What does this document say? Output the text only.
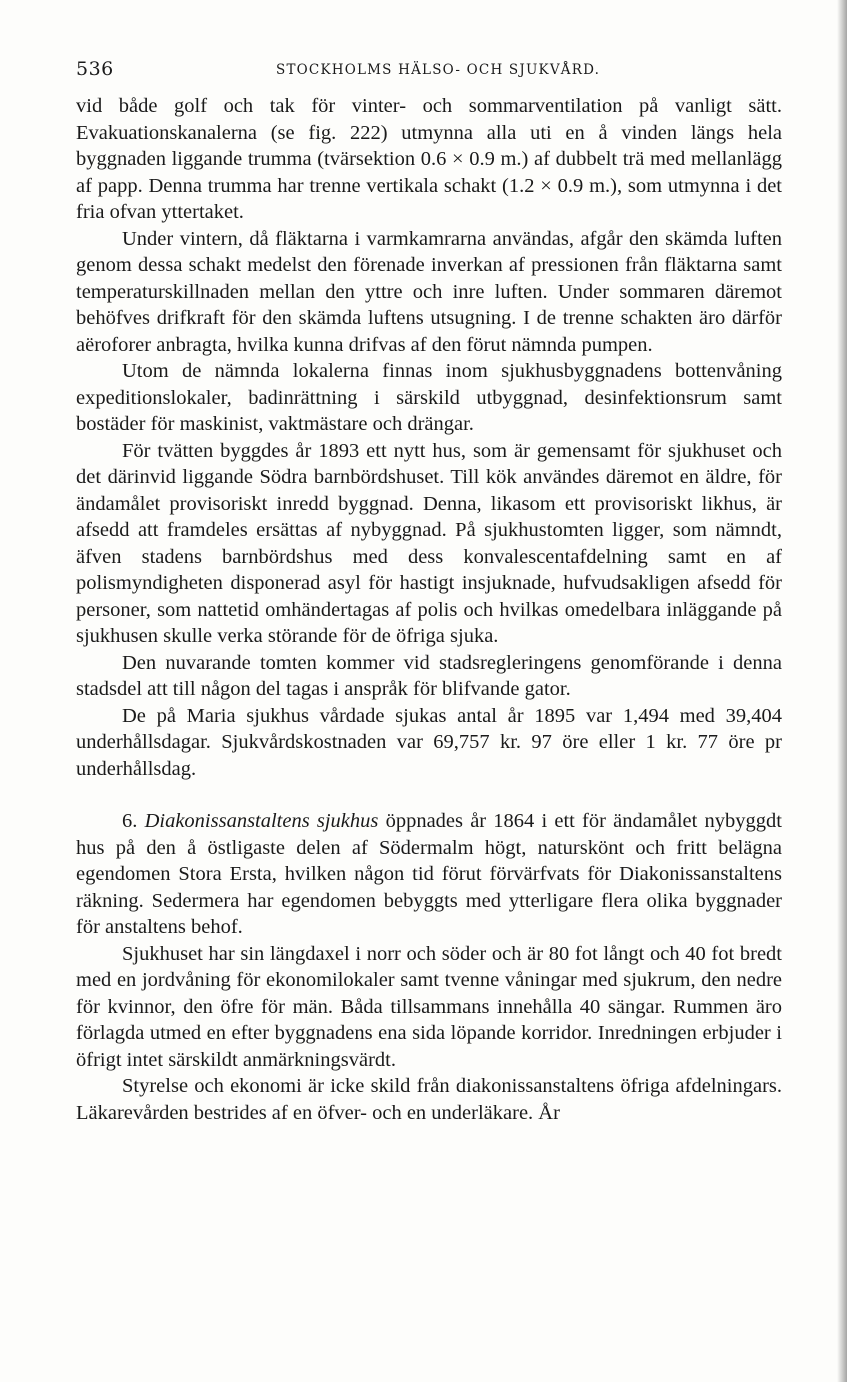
536	STOCKHOLMS HÄLSO- OCH SJUKVÅRD.

vid både golf och tak för vinter- och sommarventilation på vanligt sätt. Evakuationskanalerna (se fig. 222) utmynna alla uti en å vinden längs hela byggnaden liggande trumma (tvärsektion 0.6 × 0.9 m.) af dubbelt trä med mellanlägg af papp. Denna trumma har trenne vertikala schakt (1.2 × 0.9 m.), som utmynna i det fria ofvan yttertaket.

Under vintern, då fläktarna i varmkamrarna användas, afgår den skämda luften genom dessa schakt medelst den förenade inverkan af pressionen från fläktarna samt temperaturskillnaden mellan den yttre och inre luften. Under sommaren däremot behöfves drifkraft för den skämda luftens utsugning. I de trenne schakten äro därför aëroforer anbragta, hvilka kunna drifvas af den förut nämnda pumpen.

Utom de nämnda lokalerna finnas inom sjukhusbyggnadens bottenvåning expeditionslokaler, badinrättning i särskild utbyggnad, desinfektionsrum samt bostäder för maskinist, vaktmästare och drängar.

För tvätten byggdes år 1893 ett nytt hus, som är gemensamt för sjukhuset och det därinvid liggande Södra barnbördshuset. Till kök användes däremot en äldre, för ändamålet provisoriskt inredd byggnad. Denna, likasom ett provisoriskt likhus, är afsedd att framdeles ersättas af nybyggnad. På sjukhustomten ligger, som nämndt, äfven stadens barnbördshus med dess konvalescentafdelning samt en af polismyndigheten disponerad asyl för hastigt insjuknade, hufvudsakligen afsedd för personer, som nattetid omhändertagas af polis och hvilkas omedelbara inläggande på sjukhusen skulle verka störande för de öfriga sjuka.

Den nuvarande tomten kommer vid stadsregleringens genomförande i denna stadsdel att till någon del tagas i anspråk för blifvande gator.

De på Maria sjukhus vårdade sjukas antal år 1895 var 1,494 med 39,404 underhållsdagar. Sjukvårdskostnaden var 69,757 kr. 97 öre eller 1 kr. 77 öre pr underhållsdag.

6. Diakonissanstaltens sjukhus öppnades år 1864 i ett för ändamålet nybyggdt hus på den å östligaste delen af Södermalm högt, naturskönt och fritt belägna egendomen Stora Ersta, hvilken någon tid förut förvärfvats för Diakonissanstaltens räkning. Sedermera har egendomen bebyggts med ytterligare flera olika byggnader för anstaltens behof.

Sjukhuset har sin längdaxel i norr och söder och är 80 fot långt och 40 fot bredt med en jordvåning för ekonomilokaler samt tvenne våningar med sjukrum, den nedre för kvinnor, den öfre för män. Båda tillsammans innehålla 40 sängar. Rummen äro förlagda utmed en efter byggnadens ena sida löpande korridor. Inredningen erbjuder i öfrigt intet särskildt anmärkningsvärdt.

Styrelse och ekonomi är icke skild från diakonissanstaltens öfriga afdelningars. Läkarevården bestrides af en öfver- och en underläkare. År
